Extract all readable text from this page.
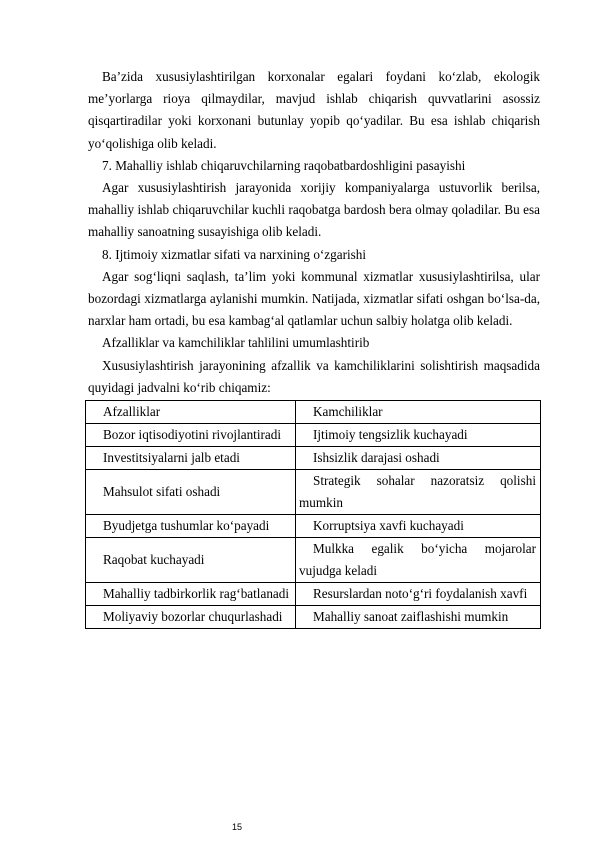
Ba’zida xususiylashtirilgan korxonalar egalari foydani ko‘zlab, ekologik me’yorlarga rioya qilmaydilar, mavjud ishlab chiqarish quvvatlarini asossiz qisqartiradilar yoki korxonani butunlay yopib qo‘yadilar. Bu esa ishlab chiqarish yo‘qolishiga olib keladi.

7. Mahalliy ishlab chiqaruvchilarning raqobatbardoshligini pasayishi

Agar xususiylashtirish jarayonida xorijiy kompaniyalarga ustuvorlik berilsa, mahalliy ishlab chiqaruvchilar kuchli raqobatga bardosh bera olmay qoladilar. Bu esa mahalliy sanoatning susayishiga olib keladi.

8. Ijtimoiy xizmatlar sifati va narxining o‘zgarishi

Agar sog‘liqni saqlash, ta’lim yoki kommunal xizmatlar xususiylashtirilsa, ular bozordagi xizmatlarga aylanishi mumkin. Natijada, xizmatlar sifati oshgan bo‘lsa-da, narxlar ham ortadi, bu esa kambag‘al qatlamlar uchun salbiy holatga olib keladi.

Afzalliklar va kamchiliklar tahlilini umumlashtirib

Xususiylashtirish jarayonining afzallik va kamchiliklarini solishtirish maqsadida quyidagi jadvalni ko‘rib chiqamiz:

Afzalliklar	Kamchiliklar
Bozor iqtisodiyotini rivojlantiradi	Ijtimoiy tengsizlik kuchayadi
Investitsiyalarni jalb etadi	Ishsizlik darajasi oshadi
Mahsulot sifati oshadi	Strategik sohalar nazoratsiz qolishi mumkin
Byudjetga tushumlar ko‘payadi	Korruptsiya xavfi kuchayadi
Raqobat kuchayadi	Mulkka egalik bo‘yicha mojarolar vujudga keladi
Mahalliy tadbirkorlik rag‘batlanadi	Resurslardan noto‘g‘ri foydalanish xavfi
Moliyaviy bozorlar chuqurlashadi	Mahalliy sanoat zaiflashishi mumkin
15
